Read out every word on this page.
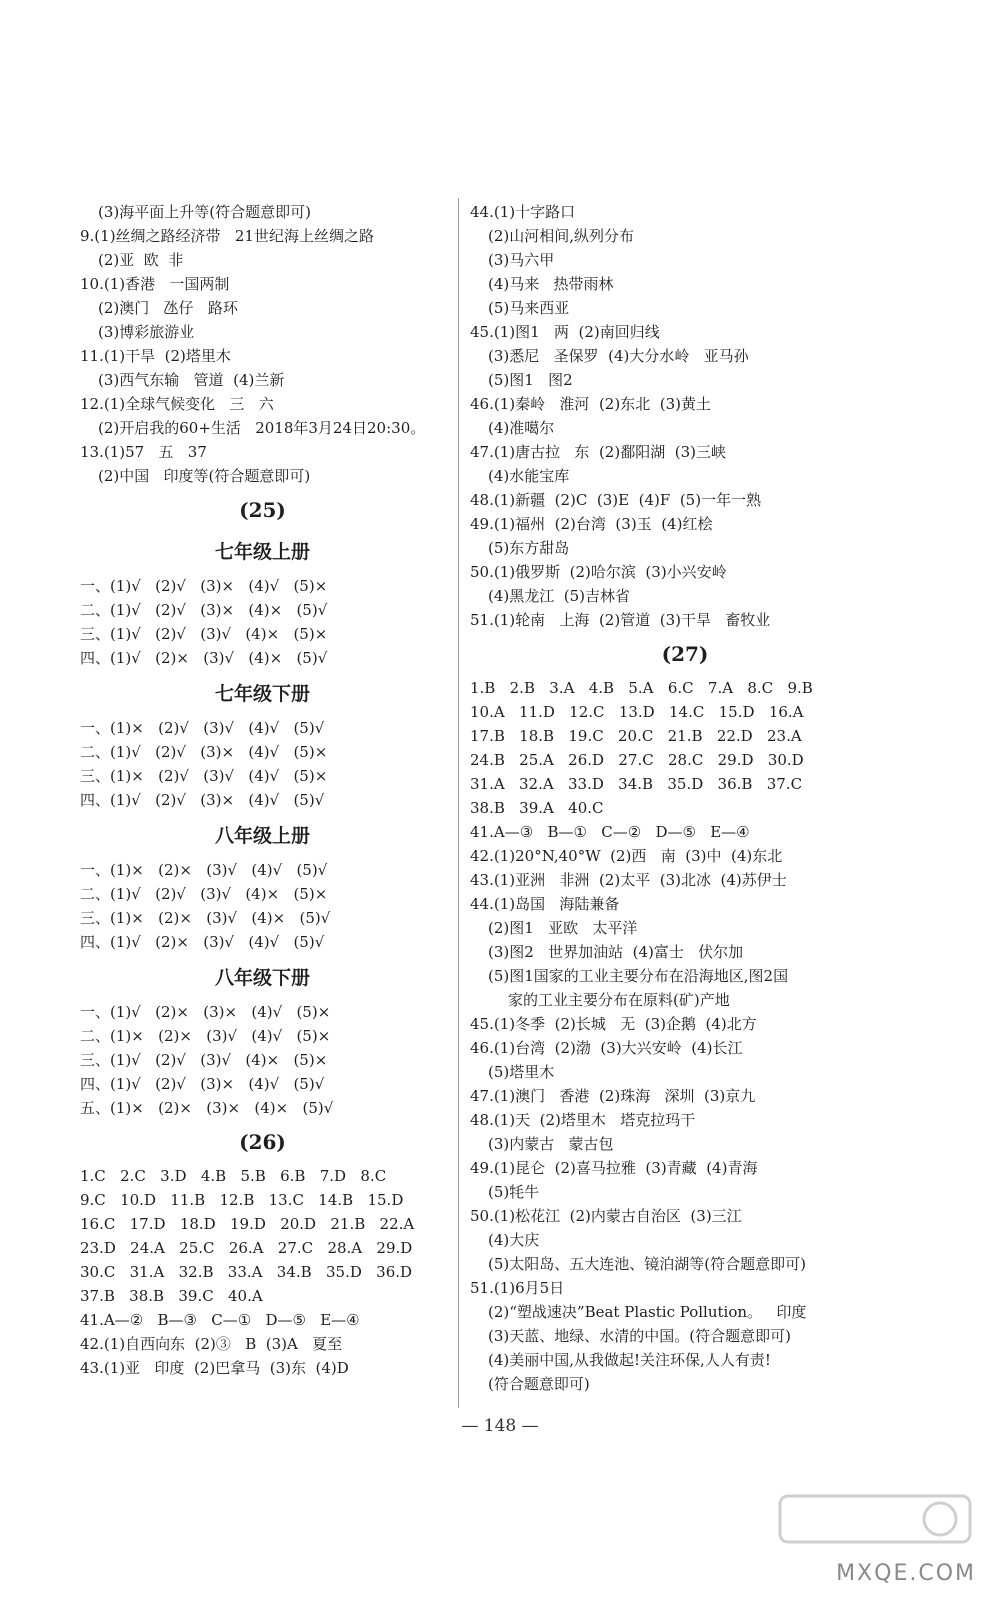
(3)海平面上升等(符合题意即可)
9.(1)丝绸之路经济带   21世纪海上丝绸之路
(2)亚  欧  非
10.(1)香港   一国两制
(2)澳门   氹仔   路环
(3)博彩旅游业
11.(1)干旱  (2)塔里木
(3)西气东输   管道  (4)兰新
12.(1)全球气候变化   三   六
(2)开启我的60+生活   2018年3月24日20:30。
13.(1)57   五   37
(2)中国   印度等(符合题意即可)
(25)
七年级上册
一、(1)√   (2)√   (3)×   (4)√   (5)×
二、(1)√   (2)√   (3)×   (4)×   (5)√
三、(1)√   (2)√   (3)√   (4)×   (5)×
四、(1)√   (2)×   (3)√   (4)×   (5)√
七年级下册
一、(1)×   (2)√   (3)√   (4)√   (5)√
二、(1)√   (2)√   (3)×   (4)√   (5)×
三、(1)×   (2)√   (3)√   (4)√   (5)×
四、(1)√   (2)√   (3)×   (4)√   (5)√
八年级上册
一、(1)×   (2)×   (3)√   (4)√   (5)√
二、(1)√   (2)√   (3)√   (4)×   (5)×
三、(1)×   (2)×   (3)√   (4)×   (5)√
四、(1)√   (2)×   (3)√   (4)√   (5)√
八年级下册
一、(1)√   (2)×   (3)×   (4)√   (5)×
二、(1)×   (2)×   (3)√   (4)√   (5)×
三、(1)√   (2)√   (3)√   (4)×   (5)×
四、(1)√   (2)√   (3)×   (4)√   (5)√
五、(1)×   (2)×   (3)×   (4)×   (5)√
(26)
1.C   2.C   3.D   4.B   5.B   6.B   7.D   8.C
9.C   10.D   11.B   12.B   13.C   14.B   15.D
16.C   17.D   18.D   19.D   20.D   21.B   22.A
23.D   24.A   25.C   26.A   27.C   28.A   29.D
30.C   31.A   32.B   33.A   34.B   35.D   36.D
37.B   38.B   39.C   40.A
41.A—②   B—③   C—①   D—⑤   E—④
42.(1)自西向东  (2)③   B  (3)A   夏至
43.(1)亚   印度  (2)巴拿马  (3)东  (4)D
44.(1)十字路口
(2)山河相间,纵列分布
(3)马六甲
(4)马来   热带雨林
(5)马来西亚
45.(1)图1   两  (2)南回归线
(3)悉尼   圣保罗  (4)大分水岭   亚马孙
(5)图1   图2
46.(1)秦岭   淮河  (2)东北  (3)黄土
(4)准噶尔
47.(1)唐古拉   东  (2)鄱阳湖  (3)三峡
(4)水能宝库
48.(1)新疆  (2)C  (3)E  (4)F  (5)一年一熟
49.(1)福州  (2)台湾  (3)玉  (4)红桧
(5)东方甜岛
50.(1)俄罗斯  (2)哈尔滨  (3)小兴安岭
(4)黑龙江  (5)吉林省
51.(1)轮南   上海  (2)管道  (3)干旱   畜牧业
(27)
1.B   2.B   3.A   4.B   5.A   6.C   7.A   8.C   9.B
10.A   11.D   12.C   13.D   14.C   15.D   16.A
17.B   18.B   19.C   20.C   21.B   22.D   23.A
24.B   25.A   26.D   27.C   28.C   29.D   30.D
31.A   32.A   33.D   34.B   35.D   36.B   37.C
38.B   39.A   40.C
41.A—③   B—①   C—②   D—⑤   E—④
42.(1)20°N,40°W  (2)西   南  (3)中  (4)东北
43.(1)亚洲   非洲  (2)太平  (3)北冰  (4)苏伊士
44.(1)岛国   海陆兼备
(2)图1   亚欧   太平洋
(3)图2   世界加油站  (4)富士   伏尔加
(5)图1国家的工业主要分布在沿海地区,图2国
家的工业主要分布在原料(矿)产地
45.(1)冬季  (2)长城   无  (3)企鹅  (4)北方
46.(1)台湾  (2)渤  (3)大兴安岭  (4)长江
(5)塔里木
47.(1)澳门   香港  (2)珠海   深圳  (3)京九
48.(1)天  (2)塔里木   塔克拉玛干
(3)内蒙古   蒙古包
49.(1)昆仑  (2)喜马拉雅  (3)青藏  (4)青海
(5)牦牛
50.(1)松花江  (2)内蒙古自治区  (3)三江
(4)大庆
(5)太阳岛、五大连池、镜泊湖等(符合题意即可)
51.(1)6月5日
(2)“塑战速决”Beat Plastic Pollution。   印度
(3)天蓝、地绿、水清的中国。(符合题意即可)
(4)美丽中国,从我做起!关注环保,人人有责!
(符合题意即可)
— 148 —
MXQE.COM
